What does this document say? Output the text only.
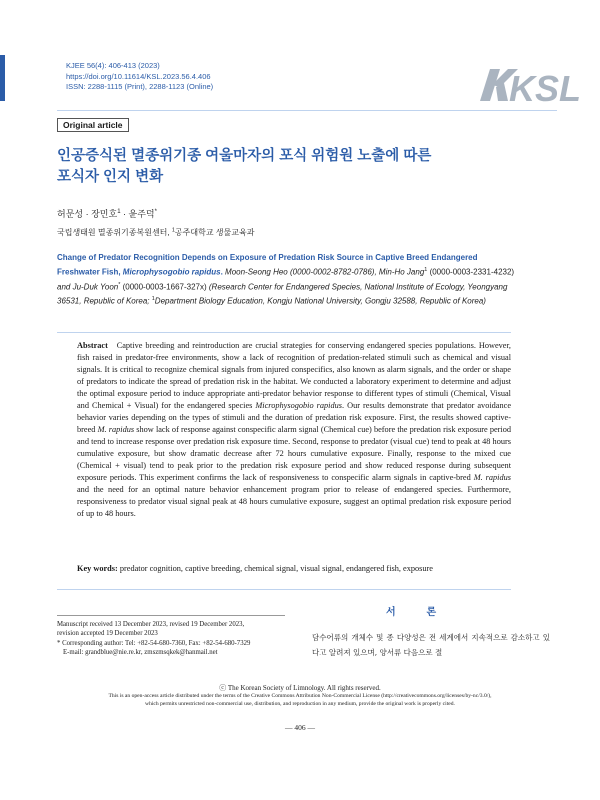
KJEE 56(4): 406-413 (2023)
https://doi.org/10.11614/KSL.2023.56.4.406
ISSN: 2288-1115 (Print), 2288-1123 (Online)	KSL
Original article
인공증식된 멸종위기종 여울마자의 포식 위험원 노출에 따른
포식자 인지 변화
허문성 · 장민호$^1$ · 윤주덕*
국립생태원 멸종위기종복원센터, $^1$공주대학교 생물교육과
Change of Predator Recognition Depends on Exposure of Predation Risk Source in Captive Breed Endangered Freshwater Fish, Microphysogobio rapidus. Moon-Seong Heo (0000-0002-8782-0786), Min-Ho Jang$^1$ (0000-0003-2331-4232) and Ju-Duk Yoon* (0000-0003-1667-327x) (Research Center for Endangered Species, National Institute of Ecology, Yeongyang 36531, Republic of Korea; $^1$Department Biology Education, Kongju National University, Gongju 32588, Republic of Korea)
Abstract Captive breeding and reintroduction are crucial strategies for conserving endangered species populations. However, fish raised in predator-free environments, show a lack of recognition of predation-related stimuli such as chemical and visual signals. It is critical to recognize chemical signals from injured conspecifics, also known as alarm signals, and the order or shape of predators to indicate the spread of predation risk in the habitat. We conducted a laboratory experiment to determine and adjust the optimal exposure period to induce appropriate anti-predator behavior response to different types of stimuli (Chemical, Visual and Chemical + Visual) for the endangered species Microphysogobio rapidus. Our results demonstrate that predator avoidance behavior varies depending on the types of stimuli and the duration of predation risk exposure. First, the results showed captive-breed M. rapidus show lack of response against conspecific alarm signal (Chemical cue) before the predation risk exposure period and tend to increase response over predation risk exposure time. Second, response to predator (visual cue) tend to peak at 48 hours cumulative exposure, but show dramatic decrease after 72 hours cumulative exposure. Finally, response to the mixed cue (Chemical + visual) tend to peak prior to the predation risk exposure period and show reduced response during subsequent exposure periods. This experiment confirms the lack of responsiveness to conspecific alarm signals in captive-bred M. rapidus and the need for an optimal nature behavior enhancement program prior to release of endangered species. Furthermore, responsiveness to predator visual signal peak at 48 hours cumulative exposure, suggest an optimal predation risk exposure period of up to 48 hours.
Key words: predator cognition, captive breeding, chemical signal, visual signal, endangered fish, exposure
Manuscript received 13 December 2023, revised 19 December 2023,
revision accepted 19 December 2023
* Corresponding author: Tel: +82-54-680-7360, Fax: +82-54-680-7329
E-mail: grandblue@nie.re.kr, zmszmsqkek@hanmail.net
서 론
담수어류의 개체수 및 종 다양성은 전 세계에서 지속적으로 감소하고 있다고 알려져 있으며, 양서류 다음으로 절
ⓒ The Korean Society of Limnology. All rights reserved.
This is an open-access article distributed under the terms of the Creative Commons Attribution Non-Commercial License (http://creativecommons.org/licenses/by-nc/3.0/),
which permits unrestricted non-commercial use, distribution, and reproduction in any medium, provide the original work is properly cited.
— 406 —
